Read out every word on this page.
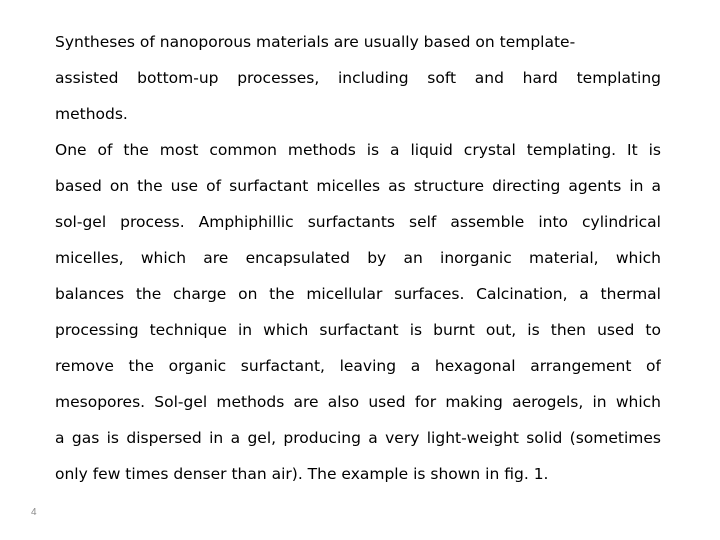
Syntheses of nanoporous materials are usually based on template-
assisted bottom-up processes, including soft and hard templating
methods.
One of the most common methods is a liquid crystal templating. It is
based on the use of surfactant micelles as structure directing agents in a
sol-gel process. Amphiphillic surfactants self assemble into cylindrical
micelles, which are encapsulated by an inorganic material, which
balances the charge on the micellular surfaces. Calcination, a thermal
processing technique in which surfactant is burnt out, is then used to
remove the organic surfactant, leaving a hexagonal arrangement of
mesopores. Sol-gel methods are also used for making aerogels, in which
a gas is dispersed in a gel, producing a very light-weight solid (sometimes
only few times denser than air). The example is shown in fig. 1.
4
